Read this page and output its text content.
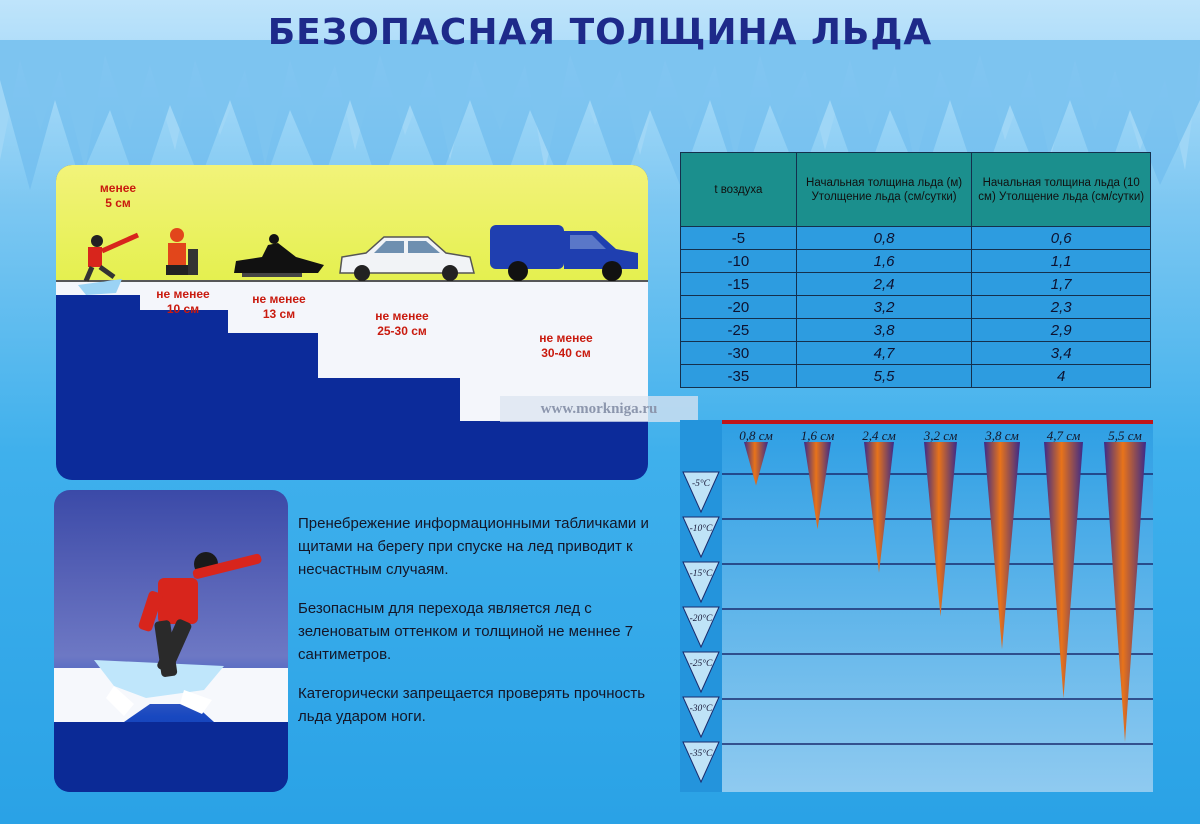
БЕЗОПАСНАЯ ТОЛЩИНА ЛЬДА
менее
5 см
не менее
10 см
не менее
13 см	не менее
25-30 см	не менее
30-40 см
www.morkniga.ru
t воздуха	Начальная толщина льда (м) Утолщение льда (см/сутки)	Начальная толщина льда (10 см) Утолщение льда (см/сутки)
-5	0,8	0,6
-10	1,6	1,1
-15	2,4	1,7
-20	3,2	2,3
-25	3,8	2,9
-30	4,7	3,4
-35	5,5	4

Пренебрежение информационными табличками и щитами на берегу при спуске на лед приводит к несчастным случаям.

Безопасным для перехода является лед с зеленоватым оттенком и толщиной не меннее 7 сантиметров.

Категорически запрещается проверять прочность льда ударом ноги.

-5°C
-10°C
-15°C
-20°C
-25°C
-30°C
-35°C
0,8 см 1,6 см 2,4 см 3,2 см 3,8 см 4,7 см 5,5 см
